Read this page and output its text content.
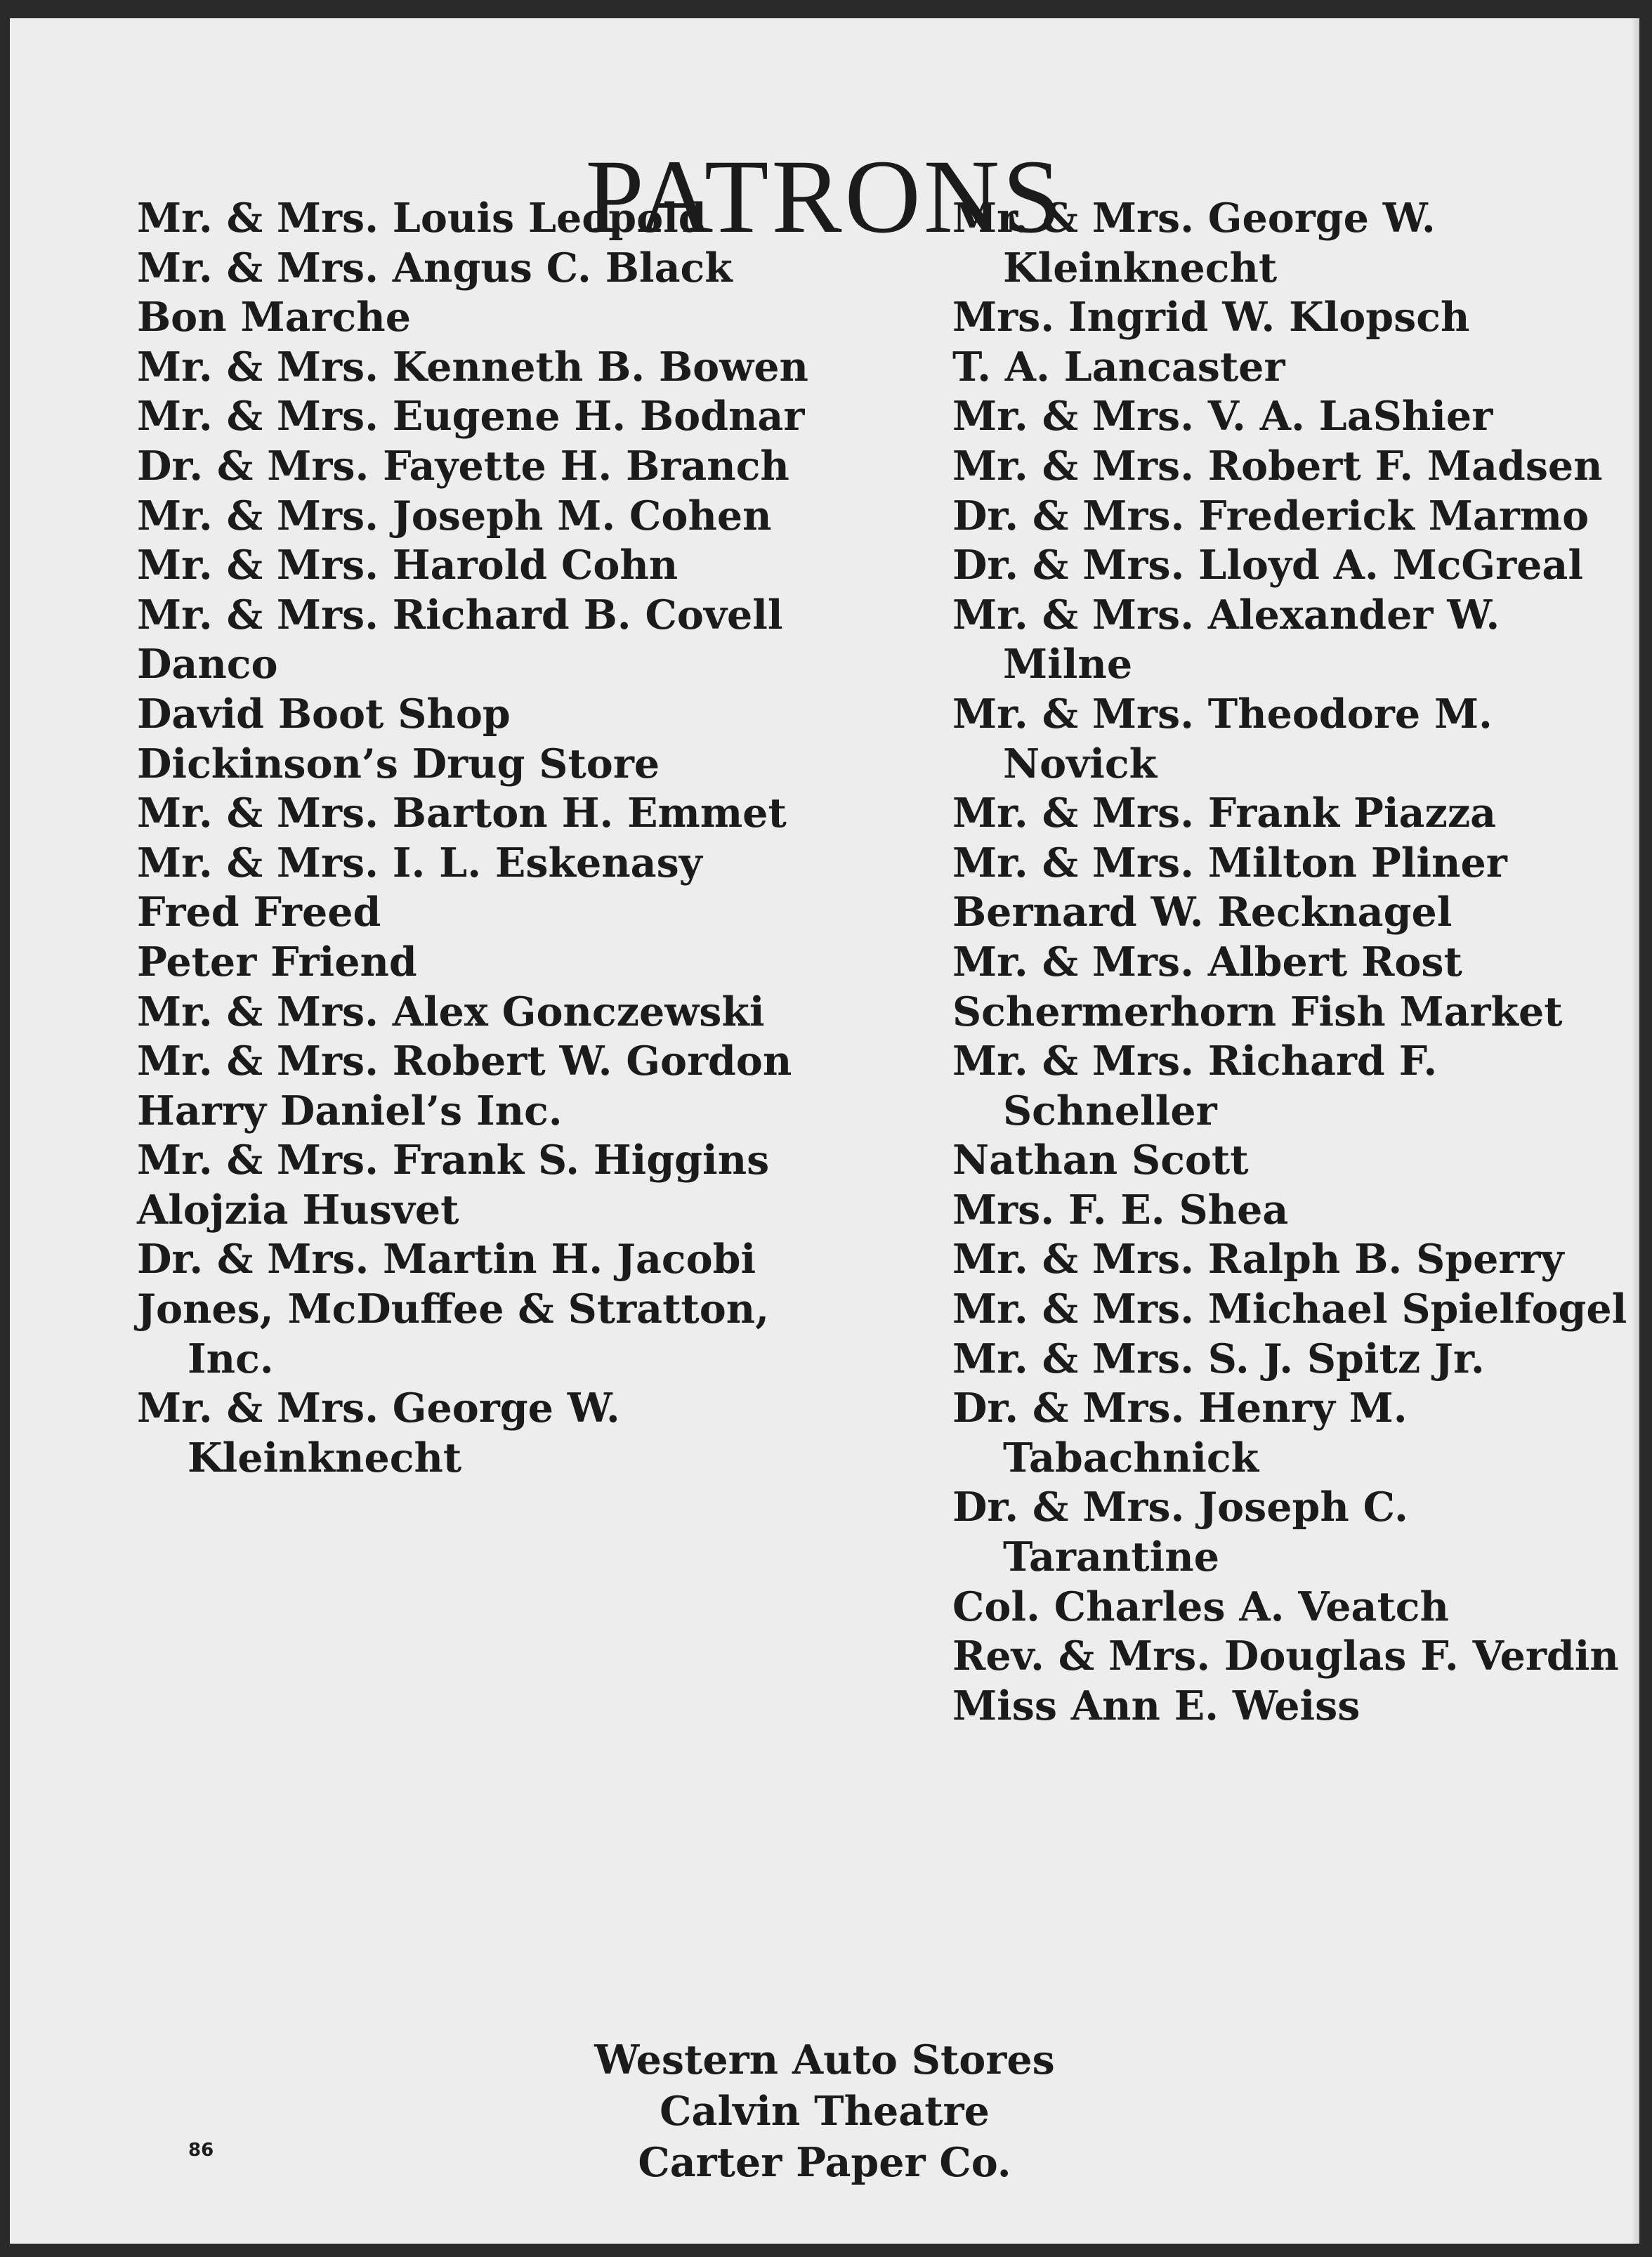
PATRONS
Mr. & Mrs. Louis Leopold
Mr. & Mrs. Angus C. Black
Bon Marche
Mr. & Mrs. Kenneth B. Bowen
Mr. & Mrs. Eugene H. Bodnar
Dr. & Mrs. Fayette H. Branch
Mr. & Mrs. Joseph M. Cohen
Mr. & Mrs. Harold Cohn
Mr. & Mrs. Richard B. Covell
Danco
David Boot Shop
Dickinson’s Drug Store
Mr. & Mrs. Barton H. Emmet
Mr. & Mrs. I. L. Eskenasy
Fred Freed
Peter Friend
Mr. & Mrs. Alex Gonczewski
Mr. & Mrs. Robert W. Gordon
Harry Daniel’s Inc.
Mr. & Mrs. Frank S. Higgins
Alojzia Husvet
Dr. & Mrs. Martin H. Jacobi
Jones, McDuffee & Stratton, Inc.
Mr. & Mrs. George W. Kleinknecht
Mr. & Mrs. George W. Kleinknecht
Mrs. Ingrid W. Klopsch
T. A. Lancaster
Mr. & Mrs. V. A. LaShier
Mr. & Mrs. Robert F. Madsen
Dr. & Mrs. Frederick Marmo
Dr. & Mrs. Lloyd A. McGreal
Mr. & Mrs. Alexander W. Milne
Mr. & Mrs. Theodore M. Novick
Mr. & Mrs. Frank Piazza
Mr. & Mrs. Milton Pliner
Bernard W. Recknagel
Mr. & Mrs. Albert Rost
Schermerhorn Fish Market
Mr. & Mrs. Richard F. Schneller
Nathan Scott
Mrs. F. E. Shea
Mr. & Mrs. Ralph B. Sperry
Mr. & Mrs. Michael Spielfogel
Mr. & Mrs. S. J. Spitz Jr.
Dr. & Mrs. Henry M. Tabachnick
Dr. & Mrs. Joseph C. Tarantine
Col. Charles A. Veatch
Rev. & Mrs. Douglas F. Verdin
Miss Ann E. Weiss
Western Auto Stores
Calvin Theatre
Carter Paper Co.
86
